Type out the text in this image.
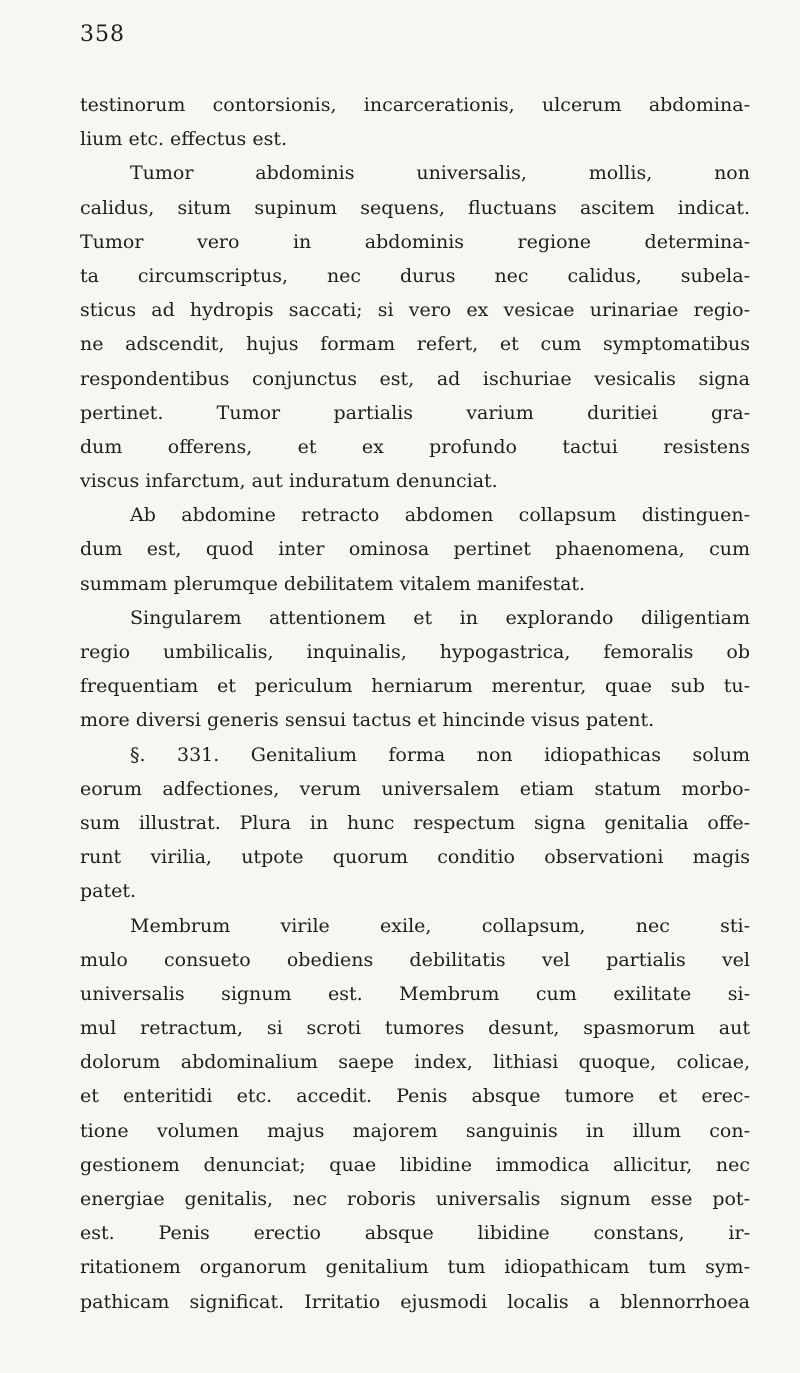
358
testinorum contorsionis, incarcerationis, ulcerum abdomina-
lium etc. effectus est.
Tumor abdominis universalis, mollis, non
calidus, situm supinum sequens, fluctuans ascitem indicat.
Tumor vero in abdominis regione determina-
ta circumscriptus, nec durus nec calidus, subela-
sticus ad hydropis saccati; si vero ex vesicae urinariae regio-
ne adscendit, hujus formam refert, et cum symptomatibus
respondentibus conjunctus est, ad ischuriae vesicalis signa
pertinet. Tumor partialis varium duritiei gra-
dum offerens, et ex profundo tactui resistens
viscus infarctum, aut induratum denunciat.
Ab abdomine retracto abdomen collapsum distinguen-
dum est, quod inter ominosa pertinet phaenomena, cum
summam plerumque debilitatem vitalem manifestat.
Singularem attentionem et in explorando diligentiam
regio umbilicalis, inquinalis, hypogastrica, femoralis ob
frequentiam et periculum herniarum merentur, quae sub tu-
more diversi generis sensui tactus et hincinde visus patent.
§. 331. Genitalium forma non idiopathicas solum
eorum adfectiones, verum universalem etiam statum morbo-
sum illustrat. Plura in hunc respectum signa genitalia offe-
runt virilia, utpote quorum conditio observationi magis
patet.
Membrum virile exile, collapsum, nec sti-
mulo consueto obediens debilitatis vel partialis vel
universalis signum est. Membrum cum exilitate si-
mul retractum, si scroti tumores desunt, spasmorum aut
dolorum abdominalium saepe index, lithiasi quoque, colicae,
et enteritidi etc. accedit. Penis absque tumore et erec-
tione volumen majus majorem sanguinis in illum con-
gestionem denunciat; quae libidine immodica allicitur, nec
energiae genitalis, nec roboris universalis signum esse pot-
est. Penis erectio absque libidine constans, ir-
ritationem organorum genitalium tum idiopathicam tum sym-
pathicam significat. Irritatio ejusmodi localis a blennorrhoea
